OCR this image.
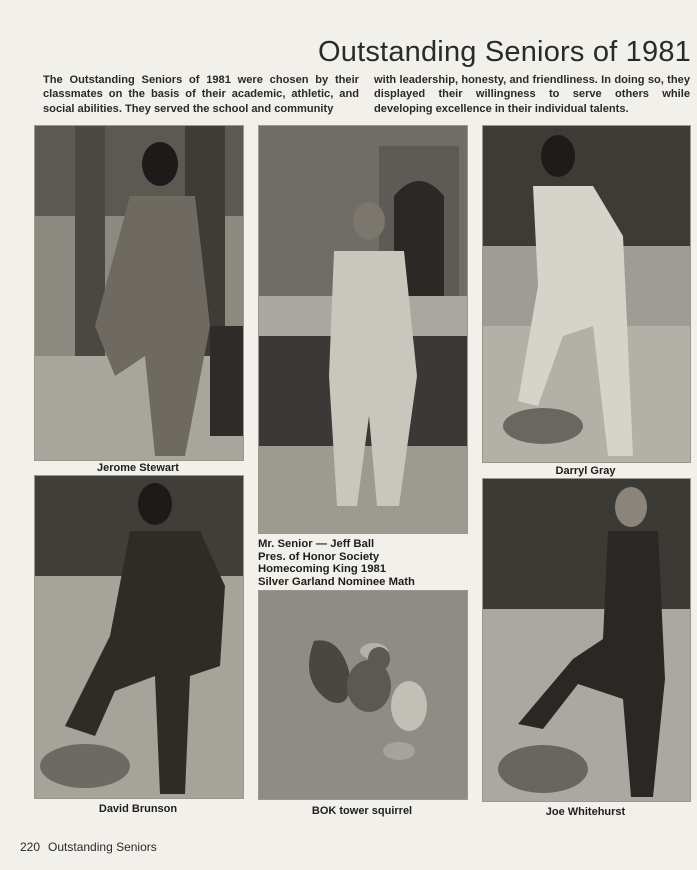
Outstanding Seniors of 1981

The Outstanding Seniors of 1981 were chosen by their classmates on the basis of their academic, athletic, and social abilities. They served the school and community

with leadership, honesty, and friendliness. In doing so, they displayed their willingness to serve others while developing excellence in their individual talents.

Jerome Stewart	Darryl Gray

Mr. Senior — Jeff Ball
Pres. of Honor Society
Homecoming King 1981
Silver Garland Nominee Math

David Brunson	BOK tower squirrel	Joe Whitehurst

220 Outstanding Seniors
